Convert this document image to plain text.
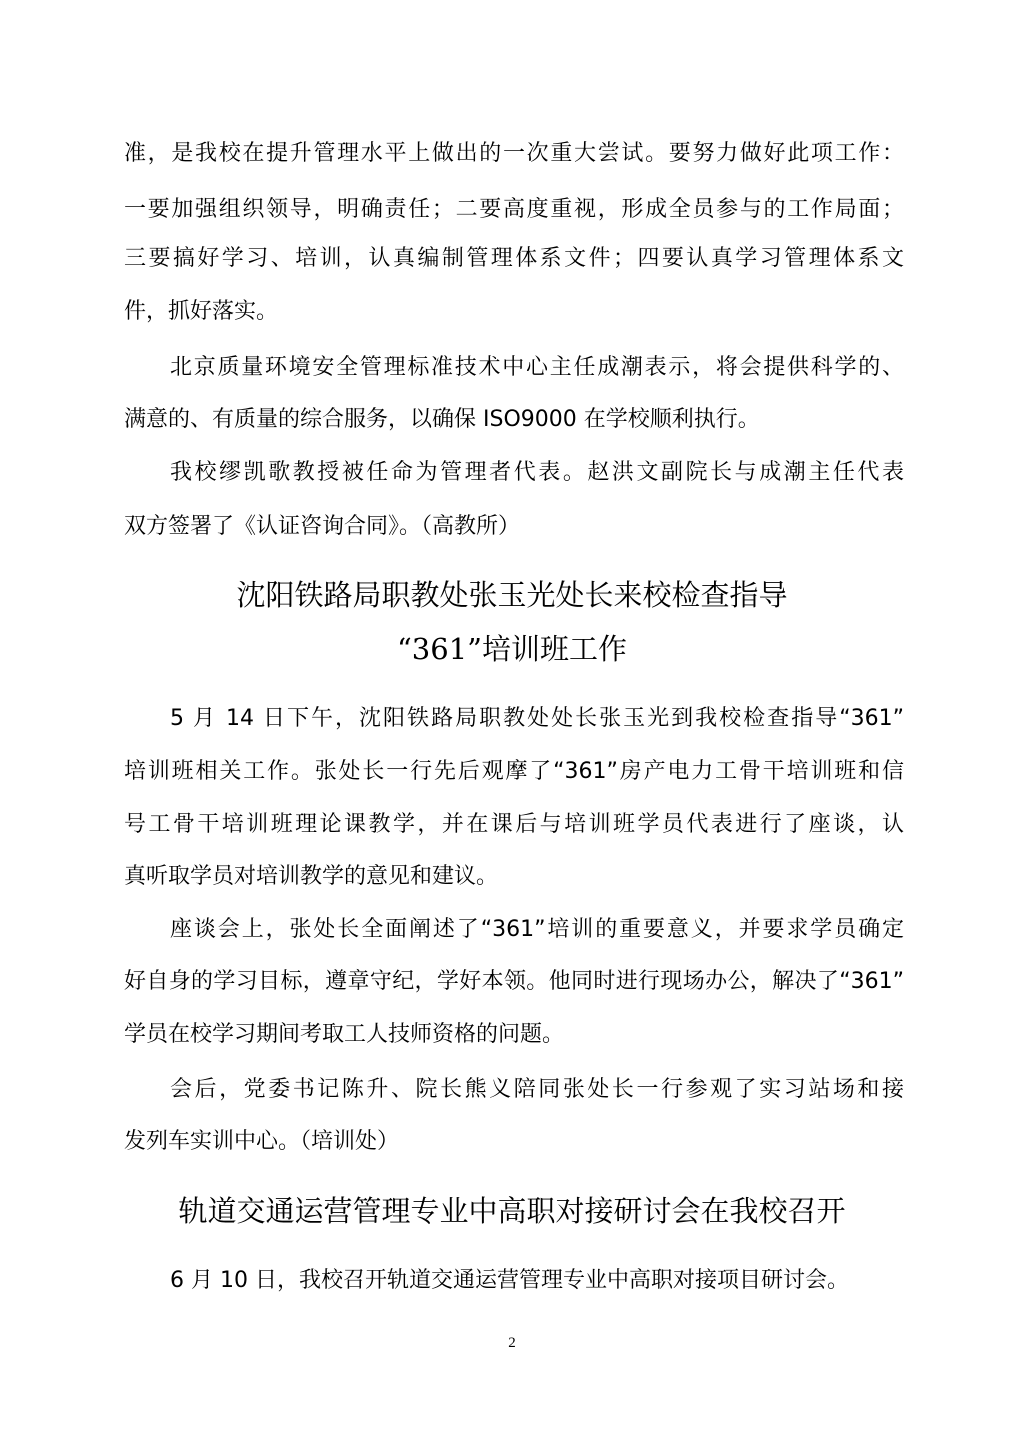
准，是我校在提升管理水平上做出的一次重大尝试。要努力做好此项工作：
一要加强组织领导，明确责任；二要高度重视，形成全员参与的工作局面；
三要搞好学习、培训，认真编制管理体系文件；四要认真学习管理体系文
件，抓好落实。
北京质量环境安全管理标准技术中心主任成潮表示，将会提供科学的、
满意的、有质量的综合服务，以确保 ISO9000 在学校顺利执行。
我校缪凯歌教授被任命为管理者代表。赵洪文副院长与成潮主任代表
双方签署了《认证咨询合同》。（高教所）
沈阳铁路局职教处张玉光处长来校检查指导
“361”培训班工作
5 月 14 日下午，沈阳铁路局职教处处长张玉光到我校检查指导“361”
培训班相关工作。张处长一行先后观摩了“361”房产电力工骨干培训班和信
号工骨干培训班理论课教学，并在课后与培训班学员代表进行了座谈，认
真听取学员对培训教学的意见和建议。
座谈会上，张处长全面阐述了“361”培训的重要意义，并要求学员确定
好自身的学习目标，遵章守纪，学好本领。他同时进行现场办公，解决了“361”
学员在校学习期间考取工人技师资格的问题。
会后，党委书记陈升、院长熊义陪同张处长一行参观了实习站场和接
发列车实训中心。（培训处）
轨道交通运营管理专业中高职对接研讨会在我校召开
6 月 10 日，我校召开轨道交通运营管理专业中高职对接项目研讨会。
2
